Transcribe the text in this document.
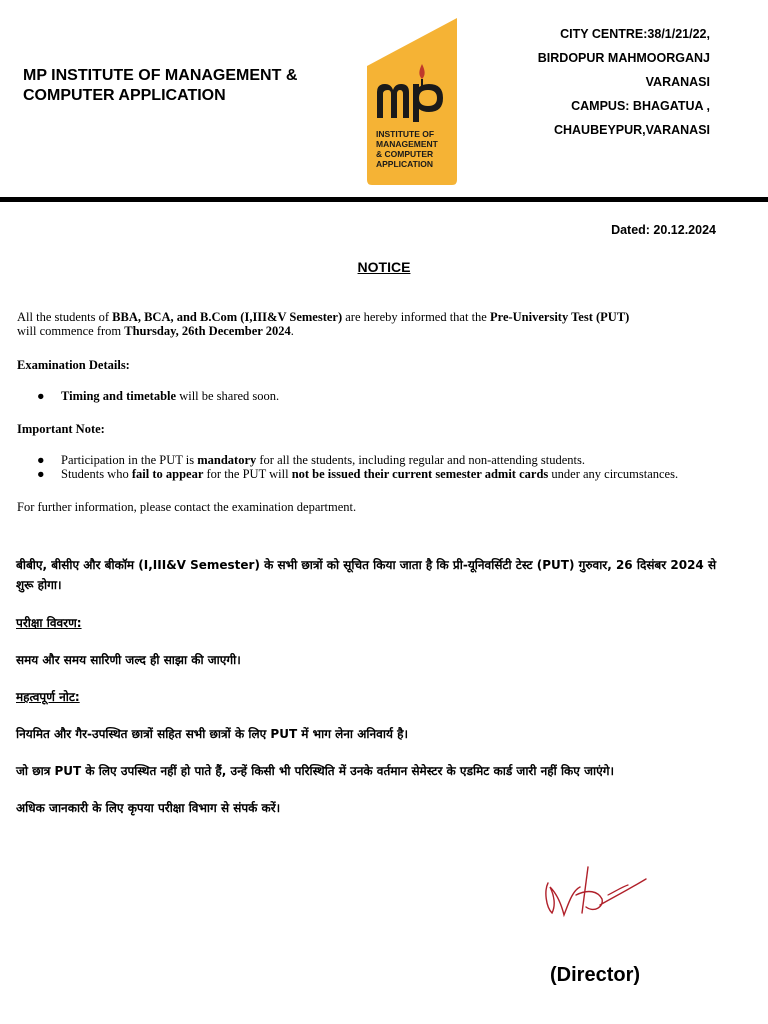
MP INSTITUTE OF MANAGEMENT &
COMPUTER APPLICATION
INSTITUTE OF
MANAGEMENT
& COMPUTER
APPLICATION
CITY CENTRE:38/1/21/22,
BIRDOPUR MAHMOORGANJ
VARANASI
CAMPUS: BHAGATUA ,
CHAUBEYPUR,VARANASI
Dated: 20.12.2024
NOTICE

All the students of BBA, BCA, and B.Com (I,III&V Semester) are hereby informed that the Pre-University Test (PUT)
will commence from Thursday, 26th December 2024.

Examination Details:

● Timing and timetable will be shared soon.

Important Note:

● Participation in the PUT is mandatory for all the students, including regular and non-attending students.
● Students who fail to appear for the PUT will not be issued their current semester admit cards under any circumstances.

For further information, please contact the examination department.

बीबीए, बीसीए और बीकॉम (I,III&V Semester) के सभी छात्रों को सूचित किया जाता है कि प्री-यूनिवर्सिटी टेस्ट (PUT) गुरुवार, 26 दिसंबर 2024 से शुरू होगा।

परीक्षा विवरण:

समय और समय सारिणी जल्द ही साझा की जाएगी।

महत्वपूर्ण नोट:

नियमित और गैर-उपस्थित छात्रों सहित सभी छात्रों के लिए PUT में भाग लेना अनिवार्य है।

जो छात्र PUT के लिए उपस्थित नहीं हो पाते हैं, उन्हें किसी भी परिस्थिति में उनके वर्तमान सेमेस्टर के एडमिट कार्ड जारी नहीं किए जाएंगे।

अधिक जानकारी के लिए कृपया परीक्षा विभाग से संपर्क करें।

(Director)
